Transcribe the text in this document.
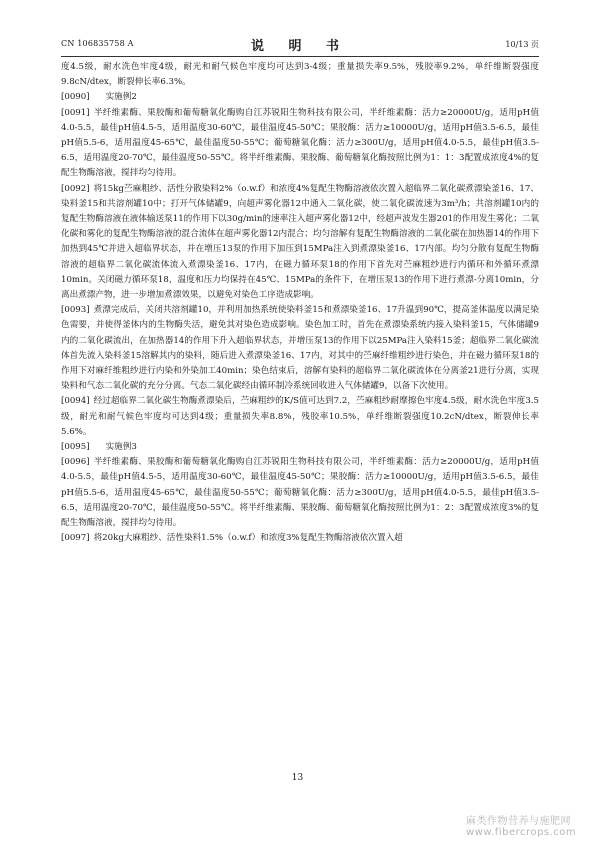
CN 106835758 A	说 明 书	10/13 页

度4.5级，耐水洗色牢度4级，耐光和耐气候色牢度均可达到3-4级；重量损失率9.5%，残胶率9.2%，单纤维断裂强度9.8cN/dtex，断裂伸长率6.3%。

[0090] 实施例2

[0091] 半纤维素酶、果胶酶和葡萄糖氧化酶购自江苏锐阳生物科技有限公司，半纤维素酶：活力≥20000U/g，适用pH值4.0-5.5，最佳pH值4.5-5，适用温度30-60℃，最佳温度45-50℃；果胶酶：活力≥10000U/g，适用pH值3.5-6.5，最佳pH值5.5-6，适用温度45-65℃，最佳温度50-55℃；葡萄糖氧化酶：活力≥300U/g，适用pH值4.0-5.5，最佳pH值3.5-6.5，适用温度20-70℃，最佳温度50-55℃。将半纤维素酶、果胶酶、葡萄糖氧化酶按照比例为1：1：3配置成浓度4%的复配生物酶溶液，搅拌均匀待用。

[0092] 将15kg苎麻粗纱、活性分散染料2%（o.w.f）和浓度4%复配生物酶溶液依次置入超临界二氧化碳煮漂染釜16、17、染料釜15和共溶剂罐10中；打开气体储罐9，向超声雾化器12中通入二氧化碳，使二氧化碳流速为3m³/h；共溶剂罐10内的复配生物酶溶液在液体输送泵11的作用下以30g/min的速率注入超声雾化器12中，经超声波发生器201的作用发生雾化；二氧化碳和雾化的复配生物酶溶液的混合流体在超声雾化器12内混合；均匀溶解有复配生物酶溶液的二氧化碳在加热器14的作用下加热到45℃并进入超临界状态，并在增压13泵的作用下加压到15MPa注入到煮漂染釜16、17内部。均匀分散有复配生物酶溶液的超临界二氧化碳流体流入煮漂染釜16、17内，在磁力循环泵18的作用下首先对苎麻粗纱进行内循环和外循环煮漂10min。关闭磁力循环泵18，温度和压力均保持在45℃、15MPa的条件下，在增压泵13的作用下进行煮漂-分离10min，分离出煮漂产物，进一步增加煮漂效果，以避免对染色工序造成影响。

[0093] 煮漂完成后，关闭共溶剂罐10，并利用加热系统使染料釜15和煮漂染釜16、17升温到90℃，提高釜体温度以满足染色需要，并使得釜体内的生物酶失活，避免其对染色造成影响。染色加工时，首先在煮漂染系统内接入染料釜15，气体储罐9内的二氧化碳流出，在加热器14的作用下升入超临界状态，并增压泵13的作用下以25MPa注入染料15釜；超临界二氧化碳流体首先流入染料釜15溶解其内的染料，随后进入煮漂染釜16、17内，对其中的苎麻纤维粗纱进行染色，并在磁力循环泵18的作用下对麻纤维粗纱进行内染和外染加工40min；染色结束后，溶解有染料的超临界二氧化碳流体在分离釜21进行分离，实现染料和气态二氧化碳的充分分离。气态二氧化碳经由循环制冷系统回收进入气体储罐9，以备下次使用。

[0094] 经过超临界二氧化碳生物酶煮漂染后，苎麻粗纱的K/S值可达到7.2，苎麻粗纱耐摩擦色牢度4.5级，耐水洗色牢度3.5级，耐光和耐气候色牢度均可达到4级；重量损失率8.8%，残胶率10.5%，单纤维断裂强度10.2cN/dtex，断裂伸长率5.6%。

[0095] 实施例3

[0096] 半纤维素酶、果胶酶和葡萄糖氧化酶购自江苏锐阳生物科技有限公司，半纤维素酶：活力≥20000U/g，适用pH值4.0-5.5，最佳pH值4.5-5，适用温度30-60℃，最佳温度45-50℃；果胶酶：活力≥10000U/g，适用pH值3.5-6.5，最佳pH值5.5-6，适用温度45-65℃，最佳温度50-55℃；葡萄糖氧化酶：活力≥300U/g，适用pH值4.0-5.5，最佳pH值3.5-6.5，适用温度20-70℃，最佳温度50-55℃。将半纤维素酶、果胶酶、葡萄糖氧化酶按照比例为1：2：3配置成浓度3%的复配生物酶溶液，搅拌均匀待用。

[0097] 将20kg大麻粗纱、活性染料1.5%（o.w.f）和浓度3%复配生物酶溶液依次置入超

13
麻类作物营养与施肥网 www.fibercrops.com
